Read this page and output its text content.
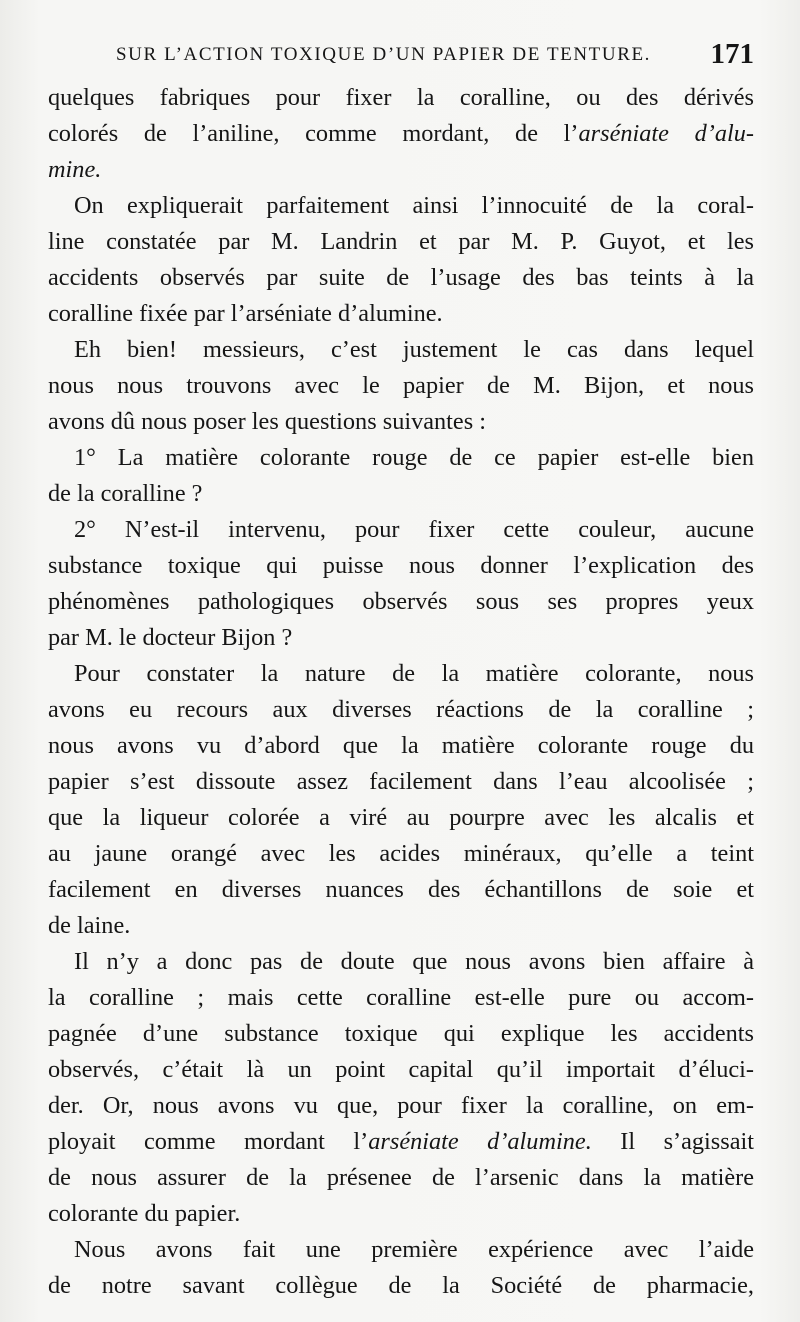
SUR L’ACTION TOXIQUE D’UN PAPIER DE TENTURE. 171
quelques fabriques pour fixer la coralline, ou des dérivés
colorés de l’aniline, comme mordant, de l’arséniate d’alu-
mine.
On expliquerait parfaitement ainsi l’innocuité de la coral-
line constatée par M. Landrin et par M. P. Guyot, et les
accidents observés par suite de l’usage des bas teints à la
coralline fixée par l’arséniate d’alumine.
Eh bien! messieurs, c’est justement le cas dans lequel
nous nous trouvons avec le papier de M. Bijon, et nous
avons dû nous poser les questions suivantes :
1° La matière colorante rouge de ce papier est-elle bien
de la coralline ?
2° N’est-il intervenu, pour fixer cette couleur, aucune
substance toxique qui puisse nous donner l’explication des
phénomènes pathologiques observés sous ses propres yeux
par M. le docteur Bijon ?
Pour constater la nature de la matière colorante, nous
avons eu recours aux diverses réactions de la coralline ;
nous avons vu d’abord que la matière colorante rouge du
papier s’est dissoute assez facilement dans l’eau alcoolisée ;
que la liqueur colorée a viré au pourpre avec les alcalis et
au jaune orangé avec les acides minéraux, qu’elle a teint
facilement en diverses nuances des échantillons de soie et
de laine.
Il n’y a donc pas de doute que nous avons bien affaire à
la coralline ; mais cette coralline est-elle pure ou accom-
pagnée d’une substance toxique qui explique les accidents
observés, c’était là un point capital qu’il importait d’éluci-
der. Or, nous avons vu que, pour fixer la coralline, on em-
ployait comme mordant l’arséniate d’alumine. Il s’agissait
de nous assurer de la présenee de l’arsenic dans la matière
colorante du papier.
Nous avons fait une première expérience avec l’aide
de notre savant collègue de la Société de pharmacie,
